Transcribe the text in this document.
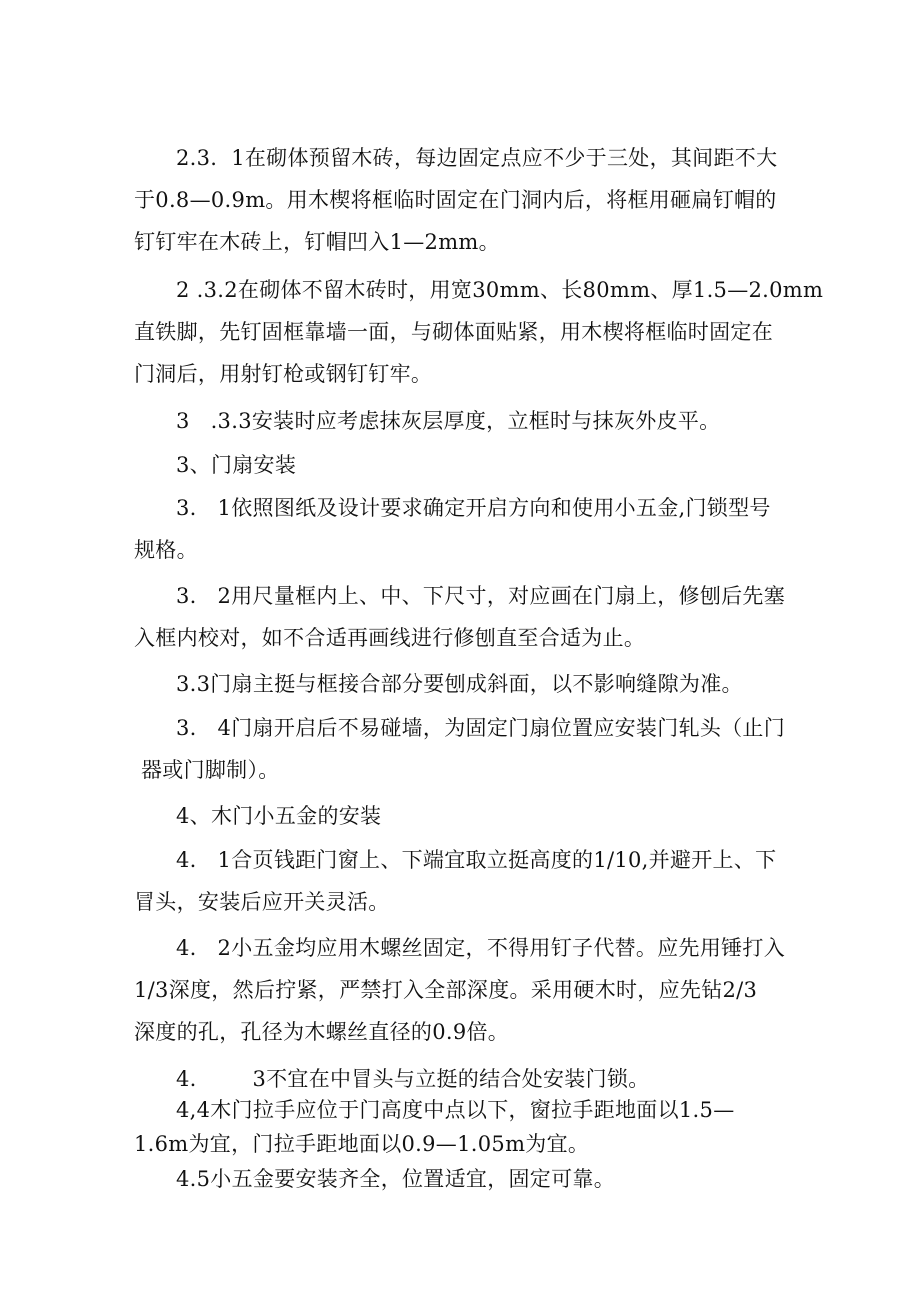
2.3.  1在砌体预留木砖，每边固定点应不少于三处，其间距不大
于0.8—0.9m。用木楔将框临时固定在门洞内后，将框用砸扁钉帽的
钉钉牢在木砖上，钉帽凹入1—2mm。

2 .3.2在砌体不留木砖时，用宽30mm、长80mm、厚1.5—2.0mm
直铁脚，先钉固框靠墙一面，与砌体面贴紧，用木楔将框临时固定在
门洞后，用射钉枪或钢钉钉牢。

3   .3.3安装时应考虑抹灰层厚度，立框时与抹灰外皮平。

3、门扇安装

3.   1依照图纸及设计要求确定开启方向和使用小五金,门锁型号
规格。

3.   2用尺量框内上、中、下尺寸，对应画在门扇上，修刨后先塞
入框内校对，如不合适再画线进行修刨直至合适为止。

3.3门扇主挺与框接合部分要刨成斜面，以不影响缝隙为准。

3.   4门扇开启后不易碰墙，为固定门扇位置应安装门轧头（止门
器或门脚制）。

4、木门小五金的安装

4.   1合页钱距门窗上、下端宜取立挺高度的1/10,并避开上、下
冒头，安装后应开关灵活。

4.   2小五金均应用木螺丝固定，不得用钉子代替。应先用锤打入
1/3深度，然后拧紧，严禁打入全部深度。采用硬木时，应先钻2/3
深度的孔，孔径为木螺丝直径的0.9倍。

4.        3不宜在中冒头与立挺的结合处安装门锁。

4,4木门拉手应位于门高度中点以下，窗拉手距地面以1.5—
1.6m为宜，门拉手距地面以0.9—1.05m为宜。

4.5小五金要安装齐全，位置适宜，固定可靠。
